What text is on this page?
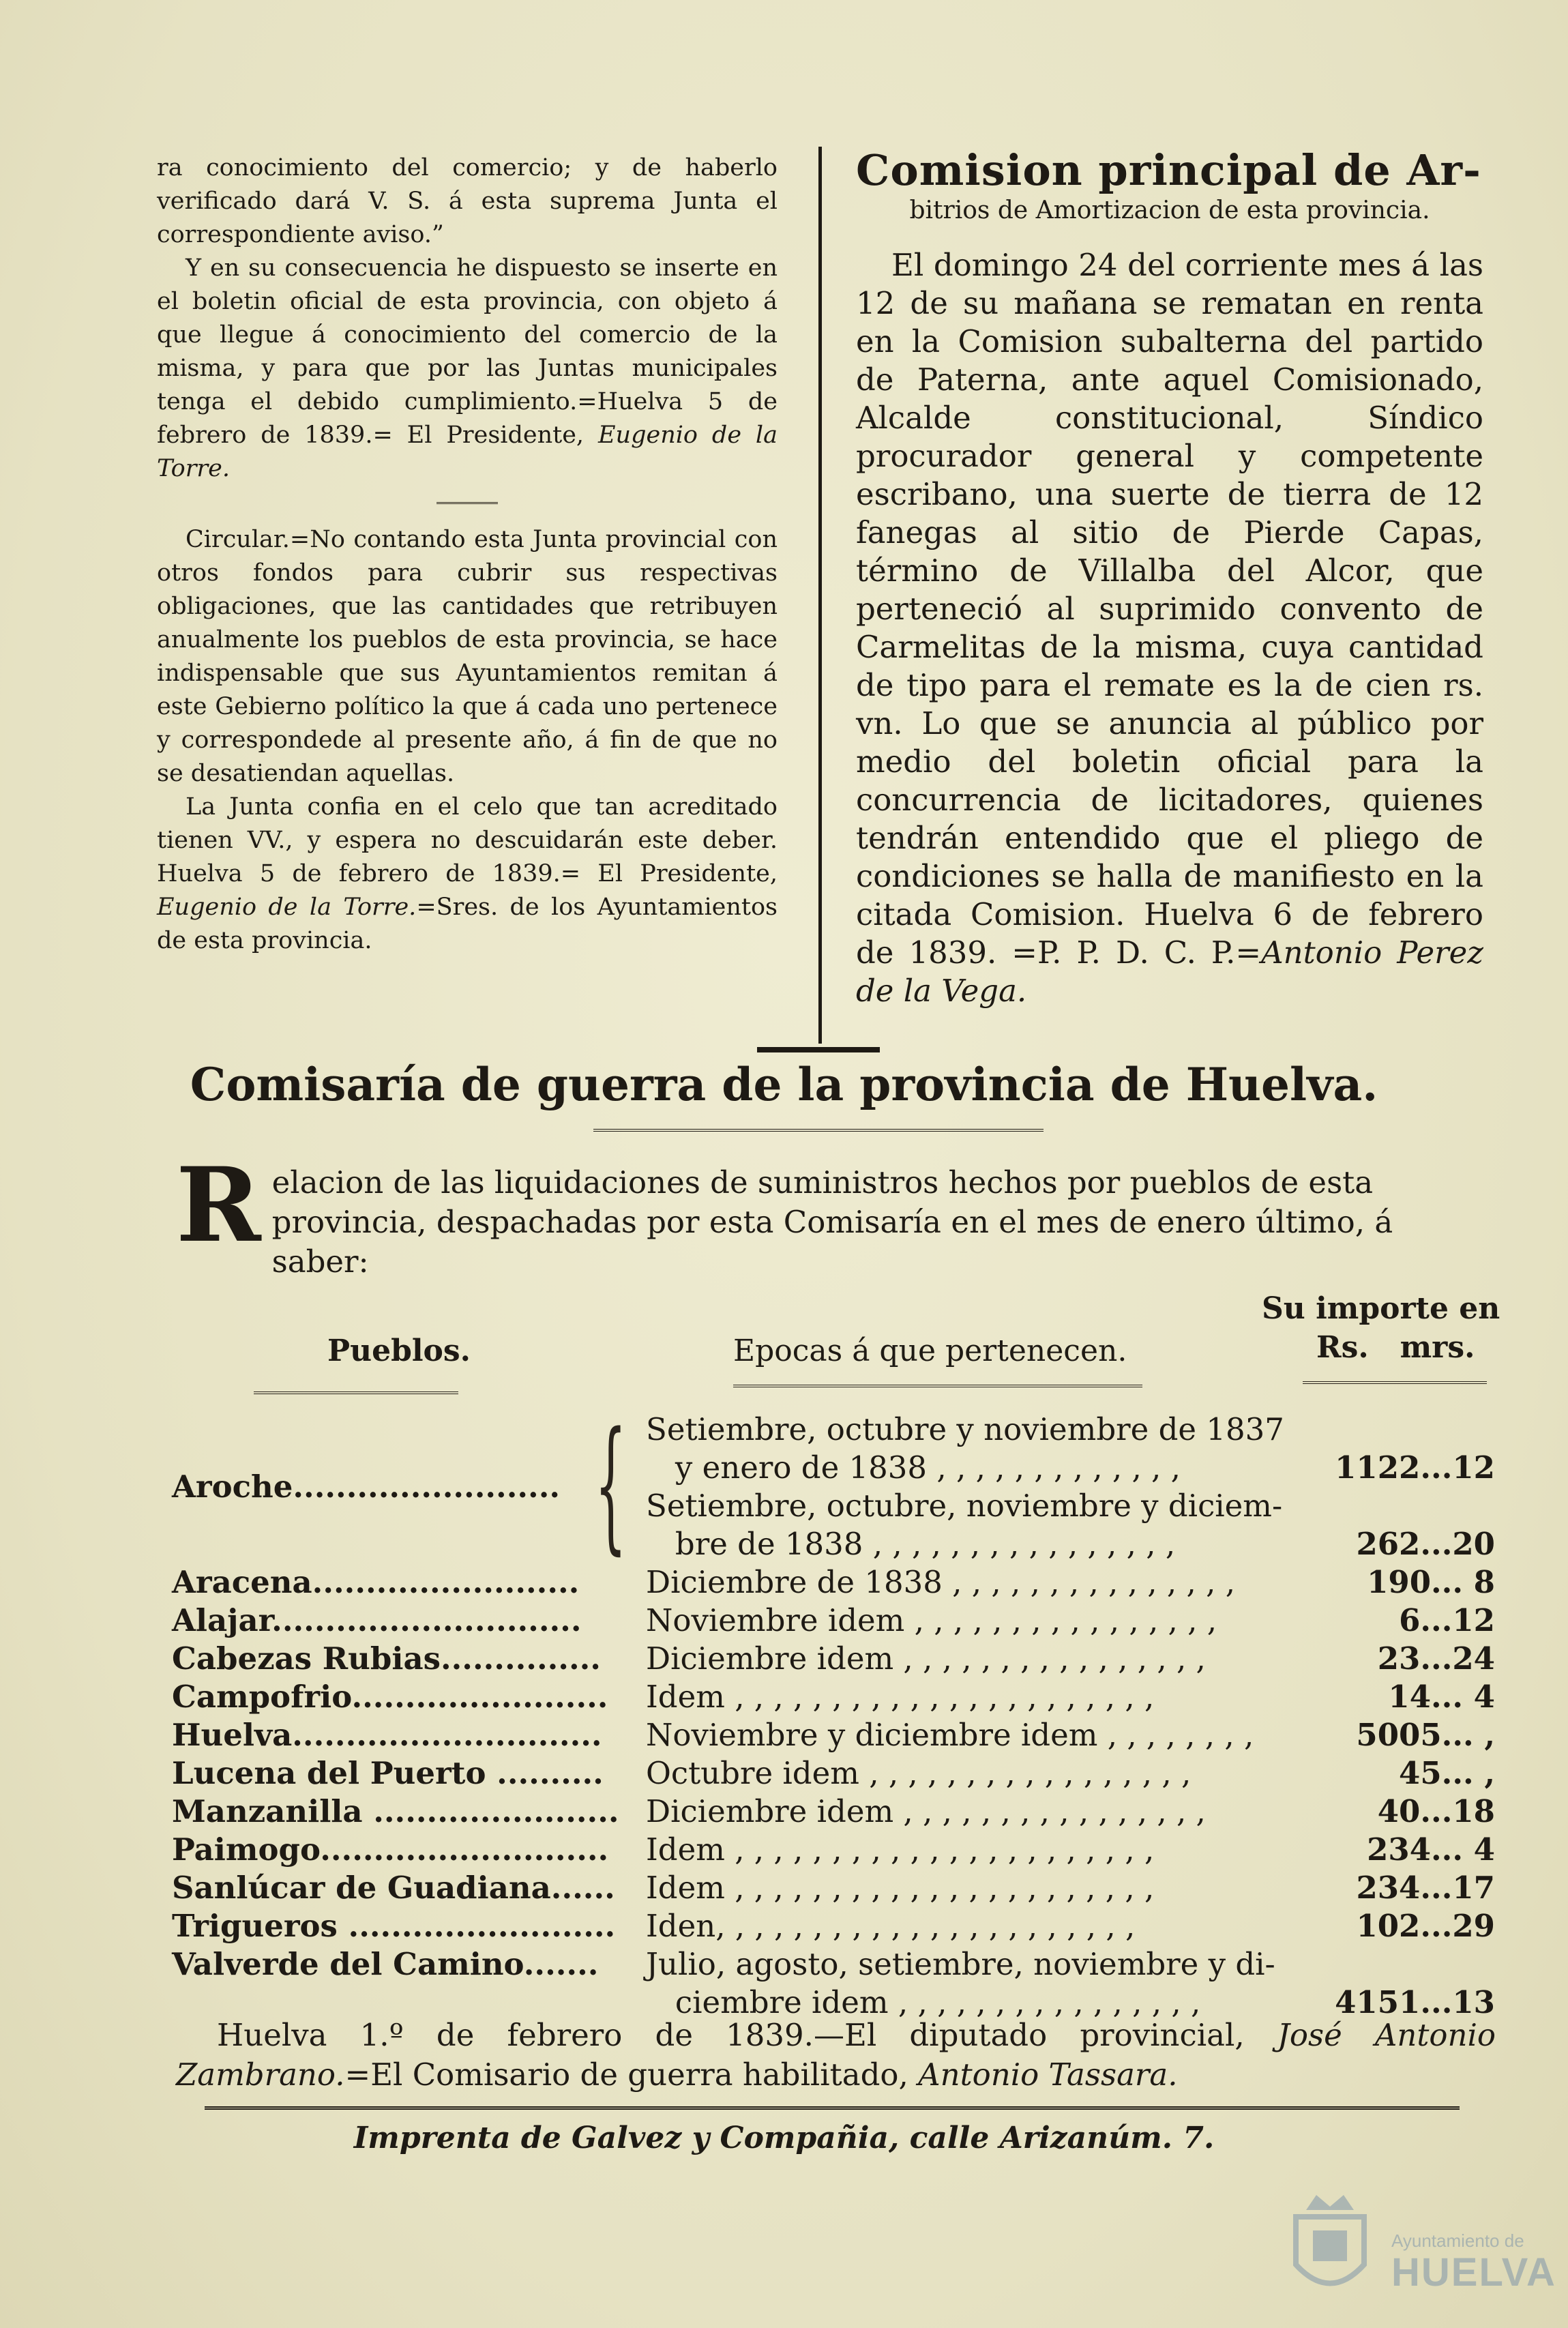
ra conocimiento del comercio; y de haberlo verificado dará V. S. á esta suprema Junta el correspondiente aviso.”

Y en su consecuencia he dispuesto se inserte en el boletin oficial de esta provincia, con objeto á que llegue á conocimiento del comercio de la misma, y para que por las Juntas municipales tenga el debido cumplimiento.=Huelva 5 de febrero de 1839.= El Presidente, Eugenio de la Torre.

Circular.=No contando esta Junta provincial con otros fondos para cubrir sus respectivas obligaciones, que las cantidades que retribuyen anualmente los pueblos de esta provincia, se hace indispensable que sus Ayuntamientos remitan á este Gebierno político la que á cada uno pertenece y correspondede al presente año, á fin de que no se desatiendan aquellas.

La Junta confia en el celo que tan acreditado tienen VV., y espera no descuidarán este deber. Huelva 5 de febrero de 1839.= El Presidente, Eugenio de la Torre.=Sres. de los Ayuntamientos de esta provincia.

Comision principal de Ar-

bitrios de Amortizacion de esta provincia.

El domingo 24 del corriente mes á las 12 de su mañana se rematan en renta en la Comision subalterna del partido de Paterna, ante aquel Comisionado, Alcalde constitucional, Síndico procurador general y competente escribano, una suerte de tierra de 12 fanegas al sitio de Pierde Capas, término de Villalba del Alcor, que perteneció al suprimido convento de Carmelitas de la misma, cuya cantidad de tipo para el remate es la de cien rs. vn. Lo que se anuncia al público por medio del boletin oficial para la concurrencia de licitadores, quienes tendrán entendido que el pliego de condiciones se halla de manifiesto en la citada Comision. Huelva 6 de febrero de 1839. =P. P. D. C. P.=Antonio Perez de la Vega.

Comisaría de guerra de la provincia de Huelva.
R elacion de las liquidaciones de suministros hechos por pueblos de esta provincia, despachadas por esta Comisaría en el mes de enero último, á saber:
Pueblos.	Epocas á que pertenecen.
Su importe en
Rs.   mrs.
Aroche......................... { Setiembre, octubre y noviembre de 1837
y enero de 1838 , , , , , , , , , , , , ,	1122...12
Setiembre, octubre, noviembre y diciem-
bre de 1838 , , , , , , , , , , , , , , , ,	262...20
Aracena......................... Diciembre de 1838 , , , , , , , , , , , , , , ,	190... 8
Alajar............................. Noviembre idem , , , , , , , , , , , , , , , ,	6...12
Cabezas Rubias............... Diciembre idem , , , , , , , , , , , , , , , ,	23...24
Campofrio........................ Idem , , , , , , , , , , , , , , , , , , , , , ,	14... 4
Huelva............................. Noviembre y diciembre idem , , , , , , , ,	5005... ,
Lucena del Puerto .......... Octubre idem , , , , , , , , , , , , , , , , ,	45... ,
Manzanilla ....................... Diciembre idem , , , , , , , , , , , , , , , ,	40...18
Paimogo........................... Idem , , , , , , , , , , , , , , , , , , , , , ,	234... 4
Sanlúcar de Guadiana...... Idem , , , , , , , , , , , , , , , , , , , , , ,	234...17
Trigueros ......................... Iden, , , , , , , , , , , , , , , , , , , , , ,	102...29
Valverde del Camino....... Julio, agosto, setiembre, noviembre y di-
ciembre idem , , , , , , , , , , , , , , , ,	4151...13
Huelva 1.º de febrero de 1839.—El diputado provincial, José Antonio Zambrano.=El Comisario de guerra habilitado, Antonio Tassara.
Imprenta de Galvez y Compañia, calle Arizanúm. 7.
Ayuntamiento de
HUELVA
